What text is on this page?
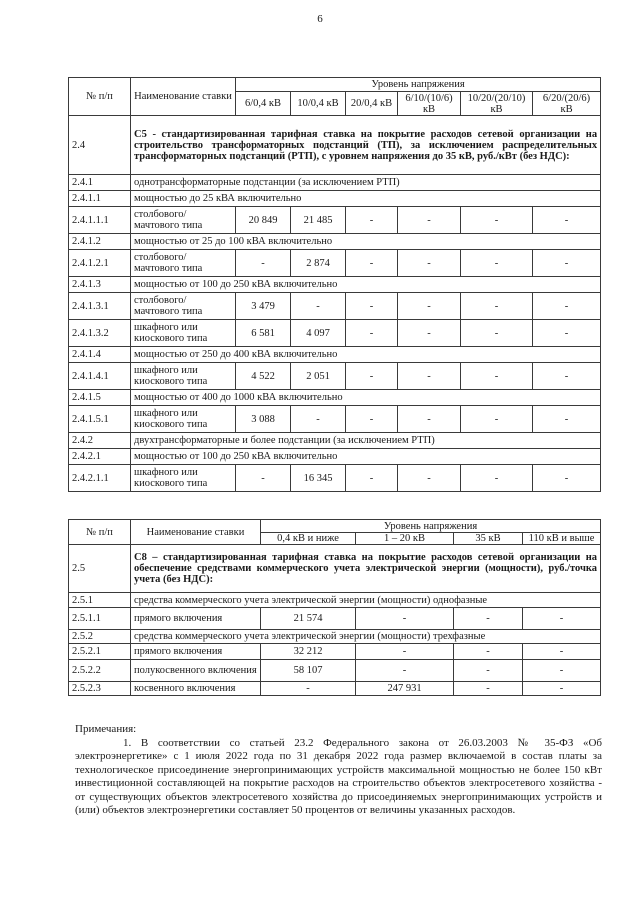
6
№ п/п	Наименование ставки	Уровень напряжения					
		6/0,4 кВ	10/0,4 кВ	20/0,4 кВ	6/10/(10/6) кВ	10/20/(20/10) кВ	6/20/(20/6) кВ
2.4	С5 - стандартизированная тарифная ставка на покрытие расходов сетевой организации на строительство трансформаторных подстанций (ТП), за исключением распределительных трансформаторных подстанций (РТП), с уровнем напряжения до 35 кВ, руб./кВт (без НДС):						
2.4.1	однотрансформаторные подстанции (за исключением РТП)						
2.4.1.1	мощностью до 25 кВА включительно						
2.4.1.1.1	столбового/ мачтового типа	20 849	21 485	-	-	-	-
2.4.1.2	мощностью от 25 до 100 кВА включительно						
2.4.1.2.1	столбового/ мачтового типа	-	2 874	-	-	-	-
2.4.1.3	мощностью от 100 до 250 кВА включительно						
2.4.1.3.1	столбового/ мачтового типа	3 479	-	-	-	-	-
2.4.1.3.2	шкафного или киоскового типа	6 581	4 097	-	-	-	-
2.4.1.4	мощностью от 250 до 400 кВА включительно						
2.4.1.4.1	шкафного или киоскового типа	4 522	2 051	-	-	-	-
2.4.1.5	мощностью от 400 до 1000 кВА включительно						
2.4.1.5.1	шкафного или киоскового типа	3 088	-	-	-	-	-
2.4.2	двухтрансформаторные и более подстанции (за исключением РТП)						
2.4.2.1	мощностью от 100 до 250 кВА включительно						
2.4.2.1.1	шкафного или киоскового типа	-	16 345	-	-	-	-
№ п/п	Наименование ставки	Уровень напряжения			
		0,4 кВ и ниже	1 – 20 кВ	35 кВ	110 кВ и выше
2.5	С8 – стандартизированная тарифная ставка на покрытие расходов сетевой организации на обеспечение средствами коммерческого учета электрической энергии (мощности), руб./точка учета (без НДС):				
2.5.1	средства коммерческого учета электрической энергии (мощности) однофазные				
2.5.1.1	прямого включения	21 574	-	-	-
2.5.2	средства коммерческого учета электрической энергии (мощности) трехфазные				
2.5.2.1	прямого включения	32 212	-	-	-
2.5.2.2	полукосвенного включения	58 107	-	-	-
2.5.2.3	косвенного включения	-	247 931	-	-

Примечания:

1. В соответствии со статьей 23.2 Федерального закона от 26.03.2003 № 35-ФЗ «Об электроэнергетике» с 1 июля 2022 года по 31 декабря 2022 года размер включаемой в состав платы за технологическое присоединение энергопринимающих устройств максимальной мощностью не более 150 кВт инвестиционной составляющей на покрытие расходов на строительство объектов электросетевого хозяйства - от существующих объектов электросетевого хозяйства до присоединяемых энергопринимающих устройств и (или) объектов электроэнергетики составляет 50 процентов от величины указанных расходов.
